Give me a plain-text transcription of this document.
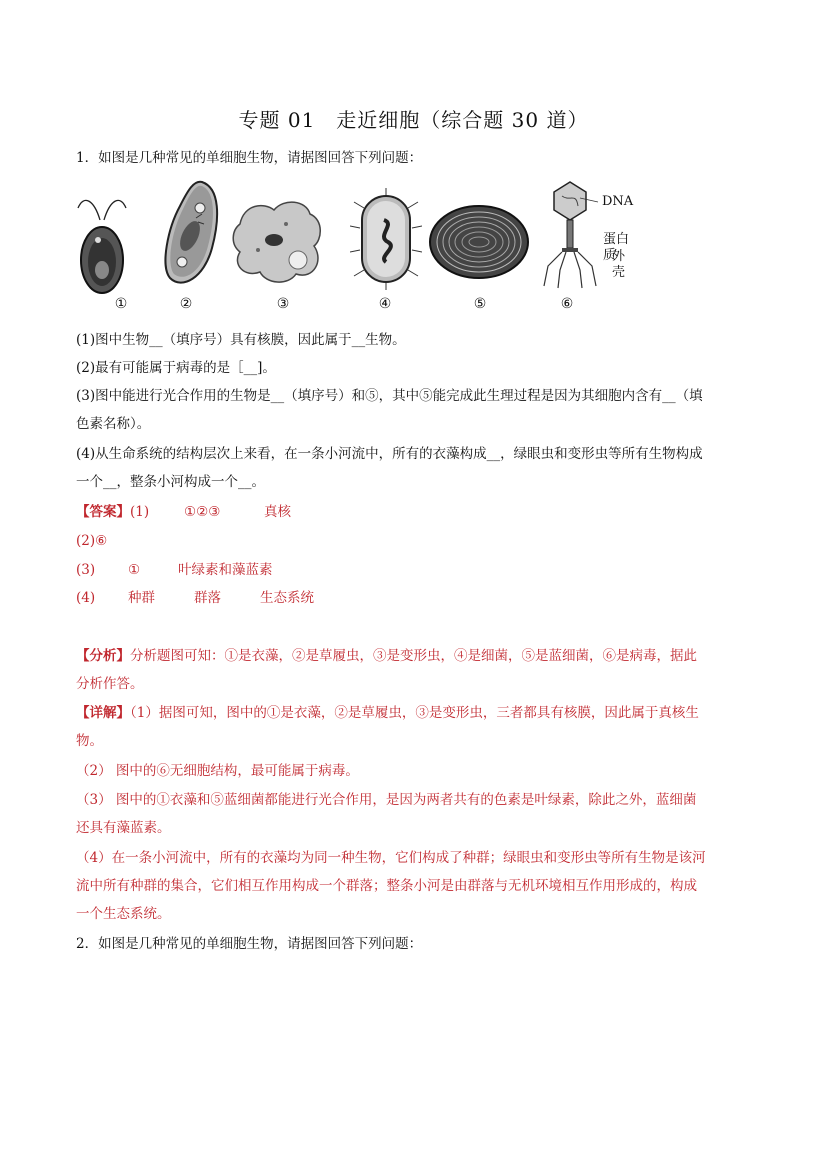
专题 01　走近细胞（综合题 30 道）
1．如图是几种常见的单细胞生物，请据图回答下列问题：
DNA
蛋白质
外壳
①	②	③	④	⑤	⑥
(1)图中生物__（填序号）具有核膜，因此属于__生物。
(2)最有可能属于病毒的是［__]。
(3)图中能进行光合作用的生物是__（填序号）和⑤，其中⑤能完成此生理过程是因为其细胞内含有__（填
色素名称）。
(4)从生命系统的结构层次上来看，在一条小河流中，所有的衣藻构成__，绿眼虫和变形虫等所有生物构成
一个__，整条小河构成一个__。
【答案】(1)	①②③	真核
(2)⑥
(3) ①	叶绿素和藻蓝素
(4) 种群	群落	生态系统
【分析】分析题图可知：①是衣藻，②是草履虫，③是变形虫，④是细菌，⑤是蓝细菌，⑥是病毒，据此
分析作答。
【详解】（1）据图可知，图中的①是衣藻，②是草履虫，③是变形虫，三者都具有核膜，因此属于真核生
物。
（2） 图中的⑥无细胞结构，最可能属于病毒。
（3） 图中的①衣藻和⑤蓝细菌都能进行光合作用，是因为两者共有的色素是叶绿素，除此之外，蓝细菌
还具有藻蓝素。
（4）在一条小河流中，所有的衣藻均为同一种生物，它们构成了种群；绿眼虫和变形虫等所有生物是该河
流中所有种群的集合，它们相互作用构成一个群落；整条小河是由群落与无机环境相互作用形成的，构成
一个生态系统。
2．如图是几种常见的单细胞生物，请据图回答下列问题：
